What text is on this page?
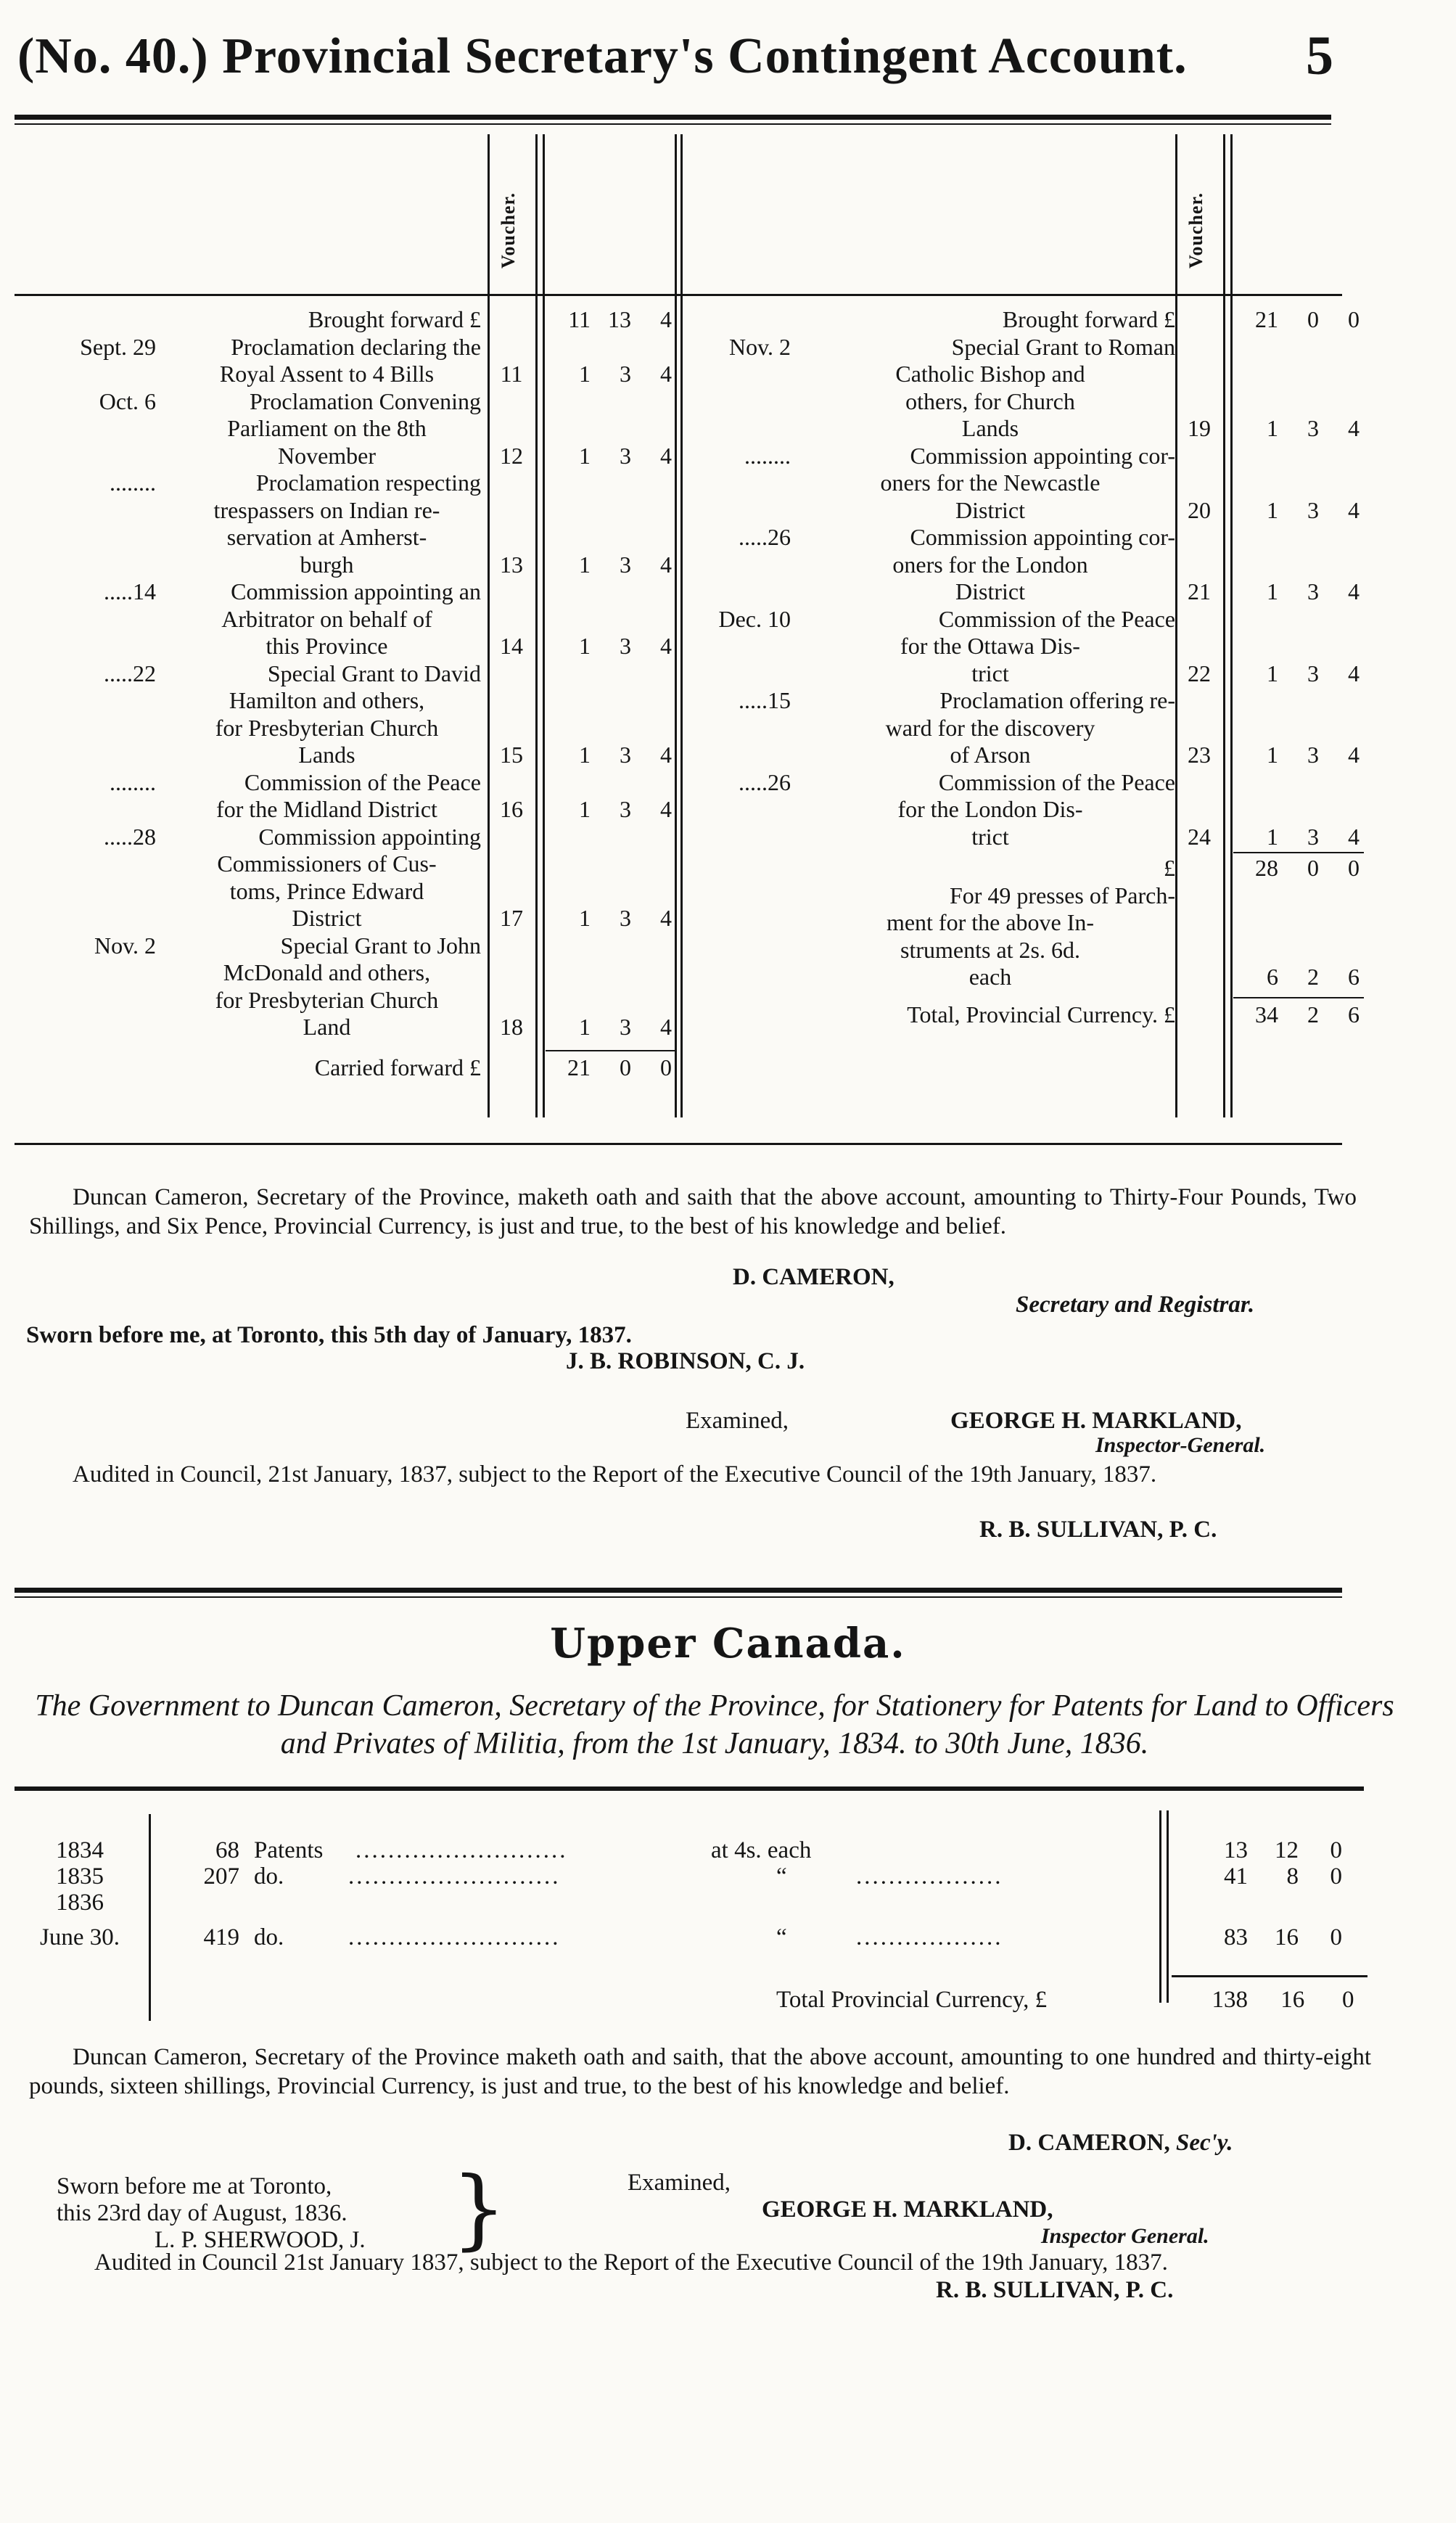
(No. 40.) Provincial Secretary's Contingent Account. 5
Voucher.	Voucher.
Brought forward £	11 13 4
Sept. 29	Proclamation declaring the
Royal Assent to 4 Bills	11	1 3 4
Oct. 6	Proclamation Convening
Parliament on the 8th
November	12	1 3 4
........	Proclamation respecting
trespassers on Indian re-
servation at Amherst-
burgh	13	1 3 4
.....14	Commission appointing an
Arbitrator on behalf of
this Province	14	1 3 4
.....22	Special Grant to David
Hamilton and others,
for Presbyterian Church
Lands	15	1 3 4
........	Commission of the Peace
for the Midland District	16	1 3 4
.....28	Commission appointing
Commissioners of Cus-
toms, Prince Edward
District	17	1 3 4
Nov. 2	Special Grant to John
McDonald and others,
for Presbyterian Church
Land	18	1 3 4
Carried forward £	21 0 0
Brought forward £	21 0 0
Nov. 2	Special Grant to Roman
Catholic Bishop and
others, for Church
Lands	19	1 3 4
........	Commission appointing cor-
oners for the Newcastle
District	20	1 3 4
.....26	Commission appointing cor-
oners for the London
District	21	1 3 4
Dec. 10	Commission of the Peace
for the Ottawa Dis-
trict	22	1 3 4
.....15	Proclamation offering re-
ward for the discovery
of Arson	23	1 3 4
.....26	Commission of the Peace
for the London Dis-
trict	24	1 3 4
£	28 0 0
For 49 presses of Parch-
ment for the above In-
struments at 2s. 6d.
each	6 2 6
Total, Provincial Currency. £	34 2 6
Duncan Cameron, Secretary of the Province, maketh oath and saith that the above account, amounting to Thirty-Four Pounds, Two Shillings, and Six Pence, Provincial Currency, is just and true, to the best of his knowledge and belief.
D. CAMERON,
Secretary and Registrar.
Sworn before me, at Toronto, this 5th day of January, 1837.
J. B. ROBINSON, C. J.
Examined,	GEORGE H. MARKLAND,
Inspector-General.
Audited in Council, 21st January, 1837, subject to the Report of the Executive Council of the 19th January, 1837.
R. B. SULLIVAN, P. C.
Upper Canada.
The Government to Duncan Cameron, Secretary of the Province, for Stationery for Patents for Land to Officers and Privates of Militia, from the 1st January, 1834. to 30th June, 1836.
1834	68 Patents ..........................	at 4s. each	13 12 0
1835	207 do.	..........................	“	..................	41 8 0
1836
June 30.	419 do.	..........................	“	..................	83 16 0
Total Provincial Currency, £	138 16 0
Duncan Cameron, Secretary of the Province maketh oath and saith, that the above account, amounting to one hundred and thirty-eight pounds, sixteen shillings, Provincial Currency, is just and true, to the best of his knowledge and belief.
D. CAMERON, Sec'y.
Sworn before me at Toronto,
this 23rd day of August, 1836.
L. P. SHERWOOD, J. }	Examined,
GEORGE H. MARKLAND,
Inspector General.
Audited in Council 21st January 1837, subject to the Report of the Executive Council of the 19th January, 1837.
R. B. SULLIVAN, P. C.
